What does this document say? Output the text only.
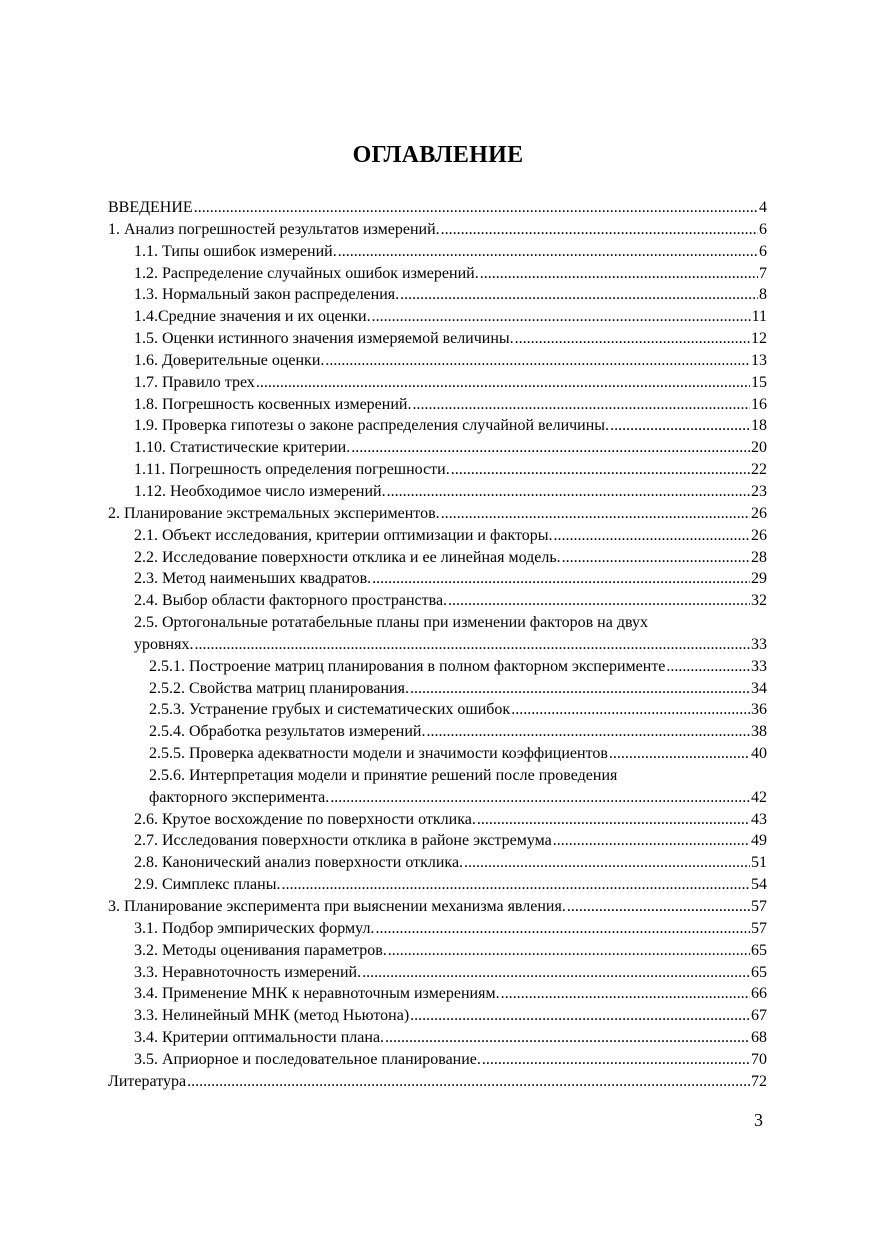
ОГЛАВЛЕНИЕ
ВВЕДЕНИЕ . . .	4
1. Анализ погрешностей результатов измерений. . . .	6
1.1. Типы ошибок измерений. . . .	6
1.2. Распределение случайных ошибок измерений. . . .	7
1.3. Нормальный закон распределения. . . .	8
1.4.Средние значения и их оценки. . . .	11
1.5. Оценки истинного значения измеряемой величины. . . .	12
1.6. Доверительные оценки. . . .	13
1.7. Правило трех . . .	15
1.8. Погрешность косвенных измерений. . . .	16
1.9. Проверка гипотезы о законе распределения случайной величины. . . .	18
1.10. Статистические критерии. . . .	20
1.11. Погрешность определения погрешности. . . .	22
1.12. Необходимое число измерений. . . .	23
2. Планирование экстремальных экспериментов. . . .	26
2.1. Объект исследования, критерии оптимизации и факторы. . . .	26
2.2. Исследование поверхности отклика и ее линейная модель. . . .	28
2.3. Метод наименьших квадратов. . . .	29
2.4. Выбор области факторного пространства. . . .	32
2.5. Ортогональные ротатабельные планы при изменении факторов на двух
уровнях. . . .	33
2.5.1. Построение матриц планирования в полном факторном эксперименте . . .	33
2.5.2. Свойства матриц планирования. . . .	34
2.5.3. Устранение грубых и систематических ошибок . . .	36
2.5.4. Обработка результатов измерений. . . .	38
2.5.5. Проверка адекватности модели и значимости коэффициентов . . .	40
2.5.6. Интерпретация модели и принятие решений после проведения
факторного эксперимента. . . .	42
2.6. Крутое восхождение по поверхности отклика. . . .	43
2.7. Исследования поверхности отклика в районе экстремума . . .	49
2.8. Канонический анализ поверхности отклика. . . .	51
2.9. Симплекс планы. . . .	54
3. Планирование эксперимента при выяснении механизма явления. . . .	57
3.1. Подбор эмпирических формул. . . .	57
3.2. Методы оценивания параметров. . . .	65
3.3. Неравноточность измерений. . . .	65
3.4. Применение МНК к неравноточным измерениям. . . .	66
3.3. Нелинейный МНК (метод Ньютона) . . .	67
3.4. Критерии оптимальности плана. . . .	68
3.5. Априорное и последовательное планирование. . . .	70
Литература . . .	72
3
